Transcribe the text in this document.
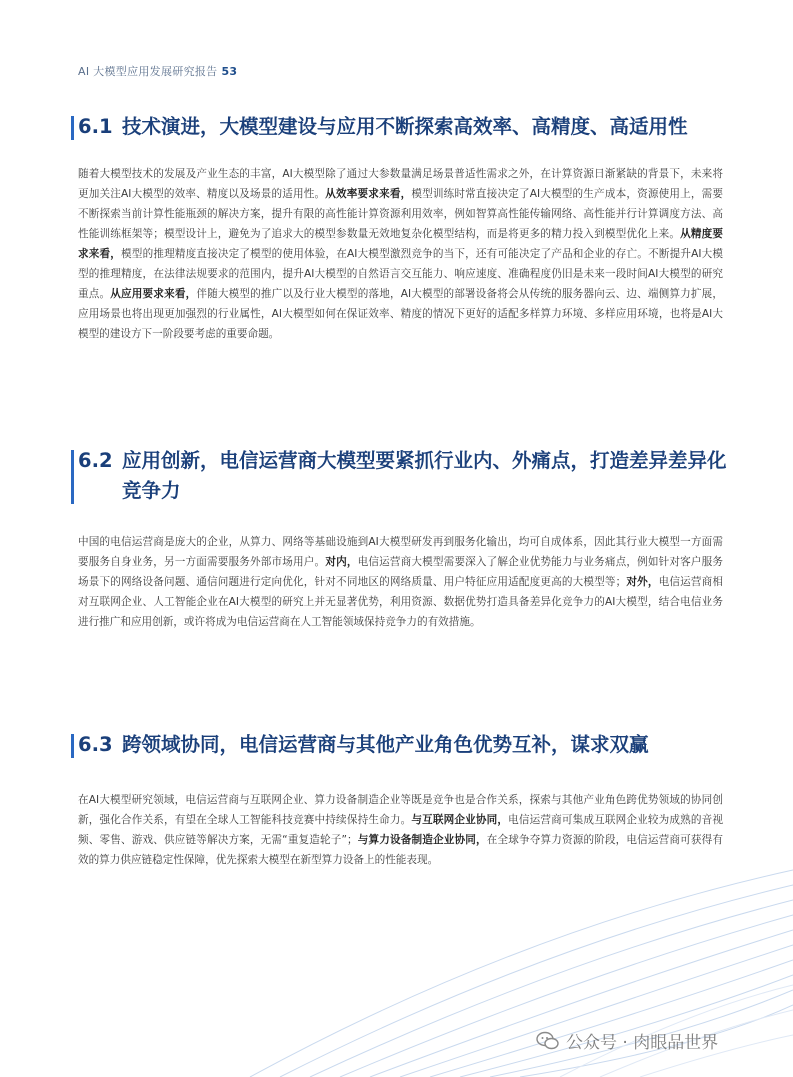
AI 大模型应用发展研究报告 53
6.1 技术演进，大模型建设与应用不断探索高效率、高精度、高适用性

随着大模型技术的发展及产业生态的丰富，AI大模型除了通过大参数量满足场景普适性需求之外，在计算资源日渐紧缺的背景下，未来将更加关注AI大模型的效率、精度以及场景的适用性。从效率要求来看，模型训练时常直接决定了AI大模型的生产成本，资源使用上，需要不断探索当前计算性能瓶颈的解决方案，提升有限的高性能计算资源利用效率，例如智算高性能传输网络、高性能并行计算调度方法、高性能训练框架等；模型设计上，避免为了追求大的模型参数量无效地复杂化模型结构，而是将更多的精力投入到模型优化上来。从精度要求来看，模型的推理精度直接决定了模型的使用体验，在AI大模型激烈竞争的当下，还有可能决定了产品和企业的存亡。不断提升AI大模型的推理精度，在法律法规要求的范围内，提升AI大模型的自然语言交互能力、响应速度、准确程度仍旧是未来一段时间AI大模型的研究重点。从应用要求来看，伴随大模型的推广以及行业大模型的落地，AI大模型的部署设备将会从传统的服务器向云、边、端侧算力扩展，应用场景也将出现更加强烈的行业属性，AI大模型如何在保证效率、精度的情况下更好的适配多样算力环境、多样应用环境，也将是AI大模型的建设方下一阶段要考虑的重要命题。

6.2 应用创新，电信运营商大模型要紧抓行业内、外痛点，打造差异差异化竞争力

中国的电信运营商是庞大的企业，从算力、网络等基础设施到AI大模型研发再到服务化输出，均可自成体系，因此其行业大模型一方面需要服务自身业务，另一方面需要服务外部市场用户。对内，电信运营商大模型需要深入了解企业优势能力与业务痛点，例如针对客户服务场景下的网络设备问题、通信问题进行定向优化，针对不同地区的网络质量、用户特征应用适配度更高的大模型等；对外，电信运营商相对互联网企业、人工智能企业在AI大模型的研究上并无显著优势，利用资源、数据优势打造具备差异化竞争力的AI大模型，结合电信业务进行推广和应用创新，或许将成为电信运营商在人工智能领域保持竞争力的有效措施。

6.3 跨领域协同，电信运营商与其他产业角色优势互补，谋求双赢

在AI大模型研究领域，电信运营商与互联网企业、算力设备制造企业等既是竞争也是合作关系，探索与其他产业角色跨优势领域的协同创新，强化合作关系，有望在全球人工智能科技竞赛中持续保持生命力。与互联网企业协同，电信运营商可集成互联网企业较为成熟的音视频、零售、游戏、供应链等解决方案，无需“重复造轮子”；与算力设备制造企业协同，在全球争夺算力资源的阶段，电信运营商可获得有效的算力供应链稳定性保障，优先探索大模型在新型算力设备上的性能表现。

公众号 · 肉眼品世界
